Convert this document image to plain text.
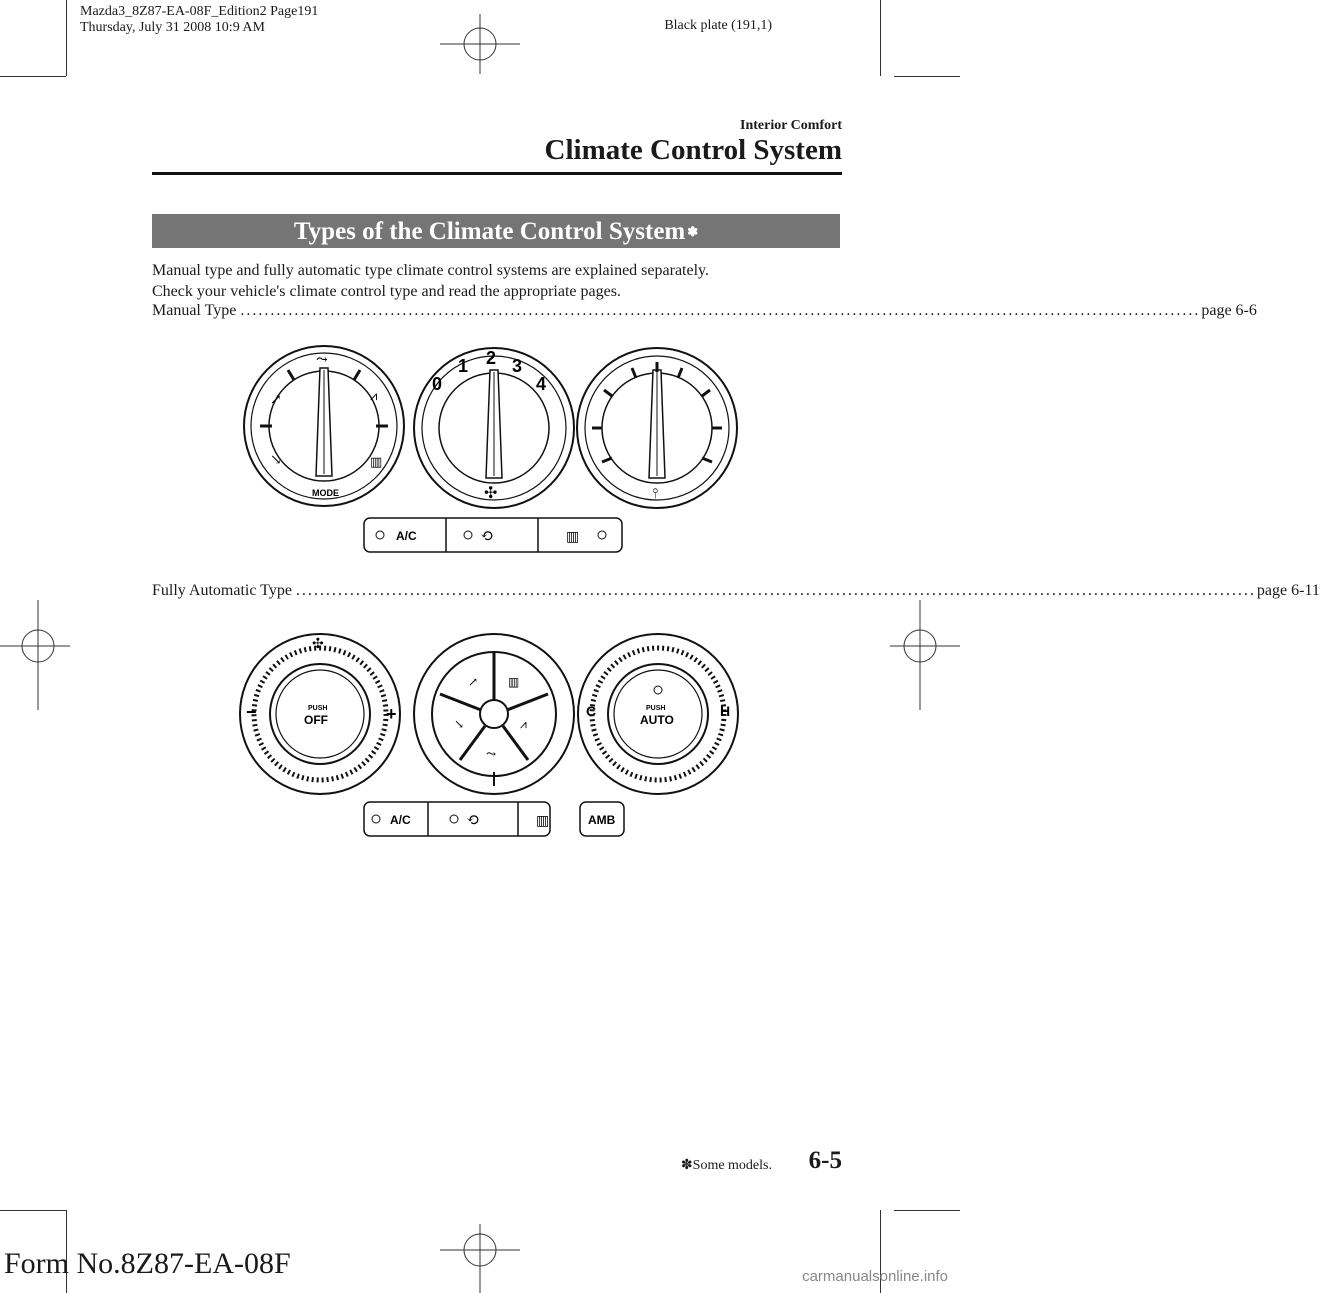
Mazda3_8Z87-EA-08F_Edition2 Page191
Thursday, July 31 2008 10:9 AM	Black plate (191,1)
Interior Comfort
Climate Control System
Types of the Climate Control System ✽
Manual type and fully automatic type climate control systems are explained separately.
Check your vehicle's climate control type and read the appropriate pages.
Manual Type . . .	page 6-6
↗
↘
⤳
⩘
▥
MODE
0
1 2 3
4
✣	⫯
A/C	⟲	▥
Fully Automatic Type . . .	page 6-11
PUSH
OFF
−	+
✣
↗ ▥
↘	⩘
⤳
PUSH
AUTO
C	H
A/C	⟲	▥	AMB
✽Some models. 6-5
Form No.8Z87-EA-08F	carmanualsonline.info
